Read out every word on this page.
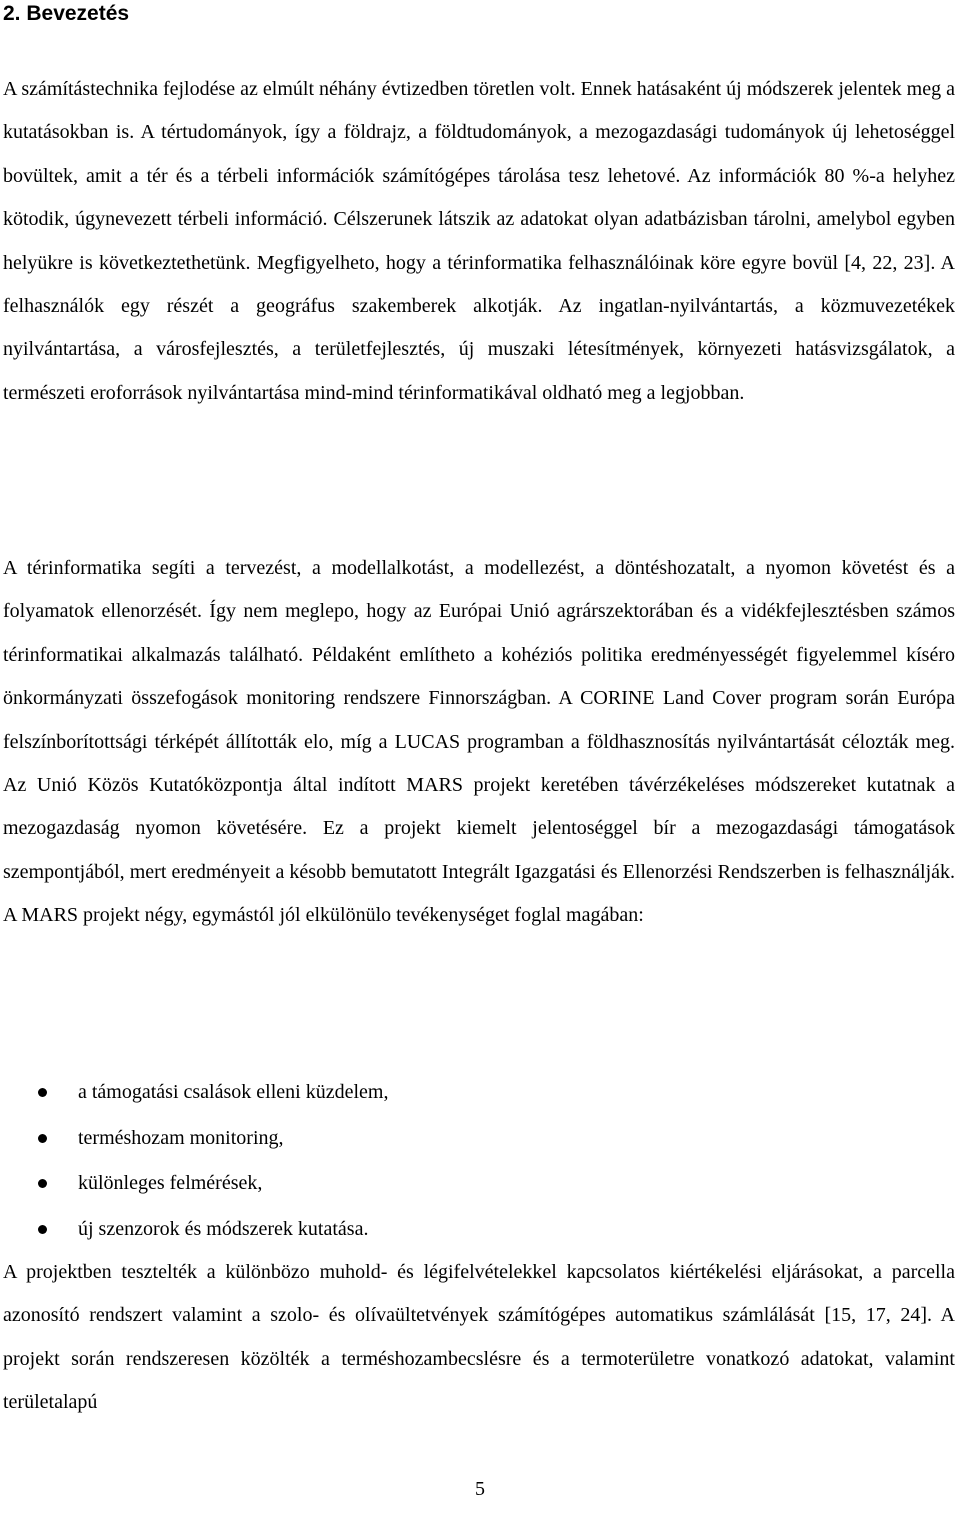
2. Bevezetés

A számítástechnika fejlodése az elmúlt néhány évtizedben töretlen volt. Ennek hatásaként új módszerek jelentek meg a kutatásokban is. A tértudományok, így a földrajz, a földtudományok, a mezogazdasági tudományok új lehetoséggel bovültek, amit a tér és a térbeli információk számítógépes tárolása tesz lehetové. Az információk 80 %-a helyhez kötodik, úgynevezett térbeli információ. Célszerunek látszik az adatokat olyan adatbázisban tárolni, amelybol egyben helyükre is következtethetünk. Megfigyelheto, hogy a térinformatika felhasználóinak köre egyre bovül [4, 22, 23]. A felhasználók egy részét a geográfus szakemberek alkotják. Az ingatlan-nyilvántartás, a közmuvezetékek nyilvántartása, a városfejlesztés, a területfejlesztés, új muszaki létesítmények, környezeti hatásvizsgálatok, a természeti eroforrások nyilvántartása mind-mind térinformatikával oldható meg a legjobban.

A térinformatika segíti a tervezést, a modellalkotást, a modellezést, a döntéshozatalt, a nyomon követést és a folyamatok ellenorzését. Így nem meglepo, hogy az Európai Unió agrárszektorában és a vidékfejlesztésben számos térinformatikai alkalmazás található. Példaként említheto a kohéziós politika eredményességét figyelemmel kíséro önkormányzati összefogások monitoring rendszere Finnországban. A CORINE Land Cover program során Európa felszínborítottsági térképét állították elo, míg a LUCAS programban a földhasznosítás nyilvántartását célozták meg. Az Unió Közös Kutatóközpontja által indított MARS projekt keretében távérzékeléses módszereket kutatnak a mezogazdaság nyomon követésére. Ez a projekt kiemelt jelentoséggel bír a mezogazdasági támogatások szempontjából, mert eredményeit a késobb bemutatott Integrált Igazgatási és Ellenorzési Rendszerben is felhasználják. A MARS projekt négy, egymástól jól elkülönülo tevékenységet foglal magában:

a támogatási csalások elleni küzdelem,
terméshozam monitoring,
különleges felmérések,
új szenzorok és módszerek kutatása.

A projektben tesztelték a különbözo muhold- és légifelvételekkel kapcsolatos kiértékelési eljárásokat, a parcella azonosító rendszert valamint a szolo- és olívaültetvények számítógépes automatikus számlálását [15, 17, 24]. A projekt során rendszeresen közölték a terméshozambecslésre és a termoterületre vonatkozó adatokat, valamint területalapú

5
